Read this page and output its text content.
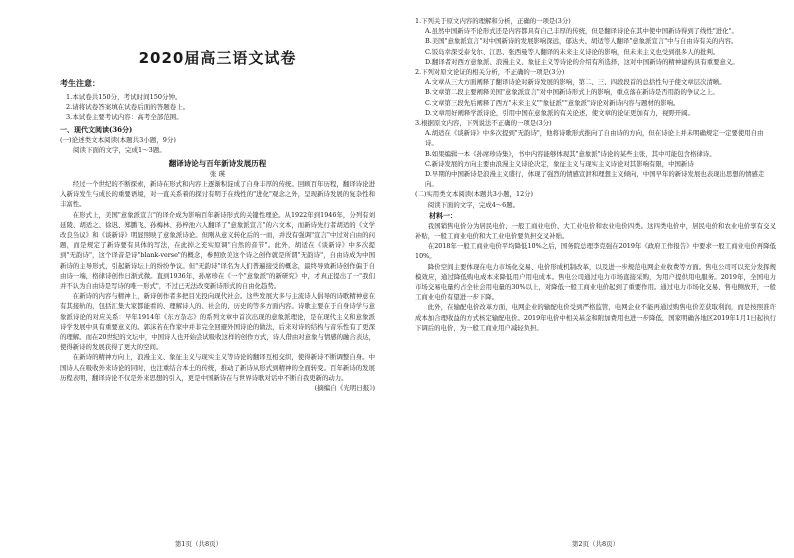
2020届高三语文试卷
考生注意：

1.本试卷共150分，考试时间150分钟。

2.请将试卷答案填在试卷后面的答题卷上。

3.本试卷主要考试内容：高考全部范围。

一、现代文阅读(36分)
(一)论述类文本阅读(本题共3小题，9分)
阅读下面的文字，完成1～3题。
翻译诗论与百年新诗发展历程
张 瑛

经过一个世纪的不断探索，新诗在形式和内容上逐渐积淀成了自身丰厚的传统。回顾百年历程，翻译诗论进入新诗发生与成长的重要语境，对一直关系着的探讨有明于在线性的"进化"观念之外，呈现新诗发展的复杂性和丰富性。

在形式上，美国"意象派宣言"的译介成为影响百年新诗形式的关键性理论。从1922年到1946年，分列有刘延陵、胡适之、徐迟、郑鹏飞、孙梅林、孙梓池六人翻译了"意象派宣言"的六文本，而新诗先行者胡适的《文学改良刍议》和《谈新诗》明显照映了意象派诗论。但刚从意义转化后的一而，并没有强调"宣言"中过对自由的问题，而是规定了新诗要有具体的写法，在此掉之充实原调"自然的音节"。此外，胡适在《谈新诗》中多次提到"无韵诗"，这个译音是诗"blank-verse"的概念，参照欧美这个诗之创作就是所谓"无韵诗"，自由诗成为中国新诗的主导形式，引起新诗坛上的纷纷争议。但"无韵诗"译名为人们普遍接受的概念，最终导致新诗创作偏于自由诗一端，格律诗创作日渐式微。直到1936年，孙席珍在《一个"意象派"的新研究》中，才真正提出了一"我们并不认为自由诗是写诗的唯一形式"，不过已无法改变新诗形式的自由化趋势。

在新诗的内容与精神上，新诗创作者多把目光投向现代社会。这些发展大多与主流诗人倡导的诗歌精神意在有其接轨的，包括汇集大家都能看的、理解诗人的、社会的、历史的等多方面内容。诗歌主要在于自身诗学与意象派诗论的对应关系：早年1914年《东方杂志》的系列文章中首次出现的意象派理论，是在现代主义和意象派诗学发展中具有重要意义的。郭沫若在作家中并非完全回避外国诗论的做法，后来对诗的结构与音乐性有了更深的理解。而在20世纪的文坛中，中国诗人也开始尝试吸收这样的创作方式，诗人借由对意象与情感的融合表达，使得新诗的发展获得了更大的空间。

在新诗的精神方向上，浪漫主义、象征主义与现实主义等诗论的翻译互相交织，使得新诗不断调整自身。中国诗人在吸收外来诗论的同时，也注重结合本土的传统，推动了新诗从形式到精神的全面转变。百年新诗的发展历程表明，翻译诗论不仅是外来思想的引入，更是中国新诗在与世界诗歌对话中不断自我更新的动力。

(摘编自《光明日报》)
第1页（共8页）

1.下列关于原文内容的理解和分析，正确的一项是(3分)

A.虽然中国新诗不论形式还是内容都具有自己丰厚的传统，但是翻译诗论在其中使中国新诗得到了线性"进化"。

B.美国"意象派宣言"对中国新诗的发展影响深远，郁达夫、胡适等人翻译"意象派宣言"中与自由诗有关的内容。

C.饭岛幸深受泰戈尔、江思、张西曼等人翻译的未来主义诗论的影响，但未来主义也受到很多人的批判。

D.翻译者对西方意象派、浪漫主义、象征主义等诗论的介绍有所选择，这对中国新诗的精神建构具有重要意义。

2.下列对原文论证的相关分析，不正确的一项是(3分)

A.文章从三大方面阐释了翻译诗论对新诗发展的影响，第二、三、四段段首的总括性句子使文章层次清晰。

B.文章第二段主要阐释美国"意象派宣言"对中国新诗形式上的影响，重点落在新诗是否用韵的争议之上。

C.文章第三段先后阐释了西方"未来主义""象征派""意象派"诗论对新诗内容与题材的影响。

D.文章用好阐释学派诗论，引用中国在意象派的有关论述，使文章的论证更加有力，视野开阔。

3.根据原文内容，下列说法不正确的一项是(3分)

A.胡适在《谈新诗》中多次提到"无韵诗"，他将诗歌形式推向了自由诗的方向，但在诗论上并未明确规定一定要使用自由诗。

B.如果编辑一本《孙席珍诗集》，书中内容能够体现其"意象派"诗论的某些主张，其中可能包含格律诗。

C.新诗发展的方向主要由浪漫主义诗论决定，象征主义与现实主义诗论对其影响有限，中国新诗

D.早期的中国新诗是浪漫主义盛行，体现了强烈的情感宣泄和理想主义倾向，中国早年的新诗发展也表现出思想的情感走向。

(二)实用类文本阅读(本题共3小题，12分)

阅读下面的文字，完成4～6题。

材料一：

我国销售电价分为居民电价、一般工商业电价、大工业电价和农业电价四类。这四类电价中，居民电价和农业电价享有交叉补贴，一般工商业电价和大工业电价要负担交叉补贴。

在2018年一般工商业电价平均降低10%之后，国务院总理李克强在2019年《政府工作报告》中要求一般工商业电价再降低10%。

降价空间主要体现在电力市场化交易、电价形成机制改革，以及进一步规范电网企业收费等方面。售电公司可以充分发挥规模效应，通过降低购电成本来降低用户用电成本。售电公司通过电力市场直接采购，为用户提供用电服务。2019年，全国电力市场交易电量约占全社会用电量的30%以上，对降低一般工商业电价起到了重要作用。通过电力市场化交易、售电侧放开，一般工商业电价有望进一步下降。

此外，在输配电价改革方面，电网企业的输配电价受到严格监管，电网企业不能再通过购售电价差获取利润，而是按照准许成本加合理收益的方式核定输配电价。2019年电价中相关基金和附加费用也进一步降低，国家明确各地区2019年1月1日起执行下调后的电价，为一般工商业用户减轻负担。

第2页（共8页）
